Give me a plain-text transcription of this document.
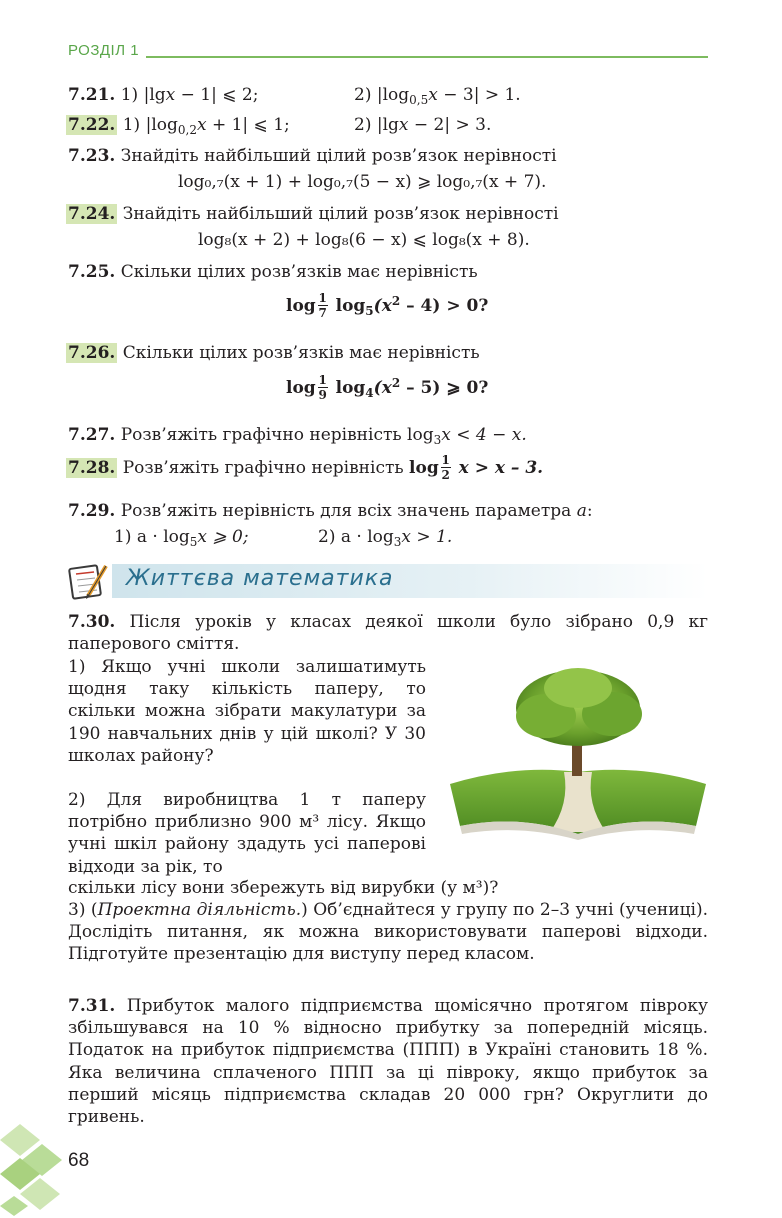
РОЗДІЛ 1
7.21. 1) |lgx − 1| ⩽ 2;	2) $|\log_{0,5}x - 3| > 1$.
7.22. 1) $|\log_{0,2}x + 1|$ ⩽ 1;	2) |lgx − 2| > 3.
7.23. Знайдіть найбільший цілий розв’язок нерівності
log₀,₇(x + 1) + log₀,₇(5 − x) ⩾ log₀,₇(x + 7).
7.24. Знайдіть найбільший цілий розв’язок нерівності
log₈(x + 2) + log₈(6 − x) ⩽ log₈(x + 8).
7.25. Скільки цілих розв’язків має нерівність
$\log \frac{1}{7} \log_5(x^2 - 4) > 0$?
7.26. Скільки цілих розв’язків має нерівність
$\log \frac{1}{9} \log_4(x^2 - 5)$ ⩾ 0?
7.27. Розв’яжіть графічно нерівність $\log_3x < 4 - x$.
7.28. Розв’яжіть графічно нерівність $\log \frac{1}{2}$ x > x – 3.
7.29. Розв’яжіть нерівність для всіх значень параметра a:
1) $a \cdot \log_5x$ ⩾ 0;	2) $a \cdot \log_3x > 1$.
Життєва математика
7.30. Після уроків у класах деякої школи було зібрано 0,9 кг паперового сміття.
1) Якщо учні школи залишатимуть щодня таку кількість паперу, то скільки можна зібрати макулатури за 190 навчальних днів у цій школі? У 30 школах району?
2) Для виробництва 1 т паперу потрібно приблизно 900 м³ лісу. Якщо учні шкіл району здадуть усі паперові відходи за рік, то
скільки лісу вони збережуть від вирубки (у м³)?
3) (Проектна діяльність.) Об’єднайтеся у групу по 2–3 учні (учениці). Дослідіть питання, як можна використовувати паперові відходи. Підготуйте презентацію для виступу перед класом.
7.31. Прибуток малого підприємства щомісячно протягом півроку збільшувався на 10 % відносно прибутку за попередній місяць. Податок на прибуток підприємства (ППП) в Україні становить 18 %. Яка величина сплаченого ППП за ці півроку, якщо прибуток за перший місяць підприємства складав 20 000 грн? Округлити до гривень.
68
